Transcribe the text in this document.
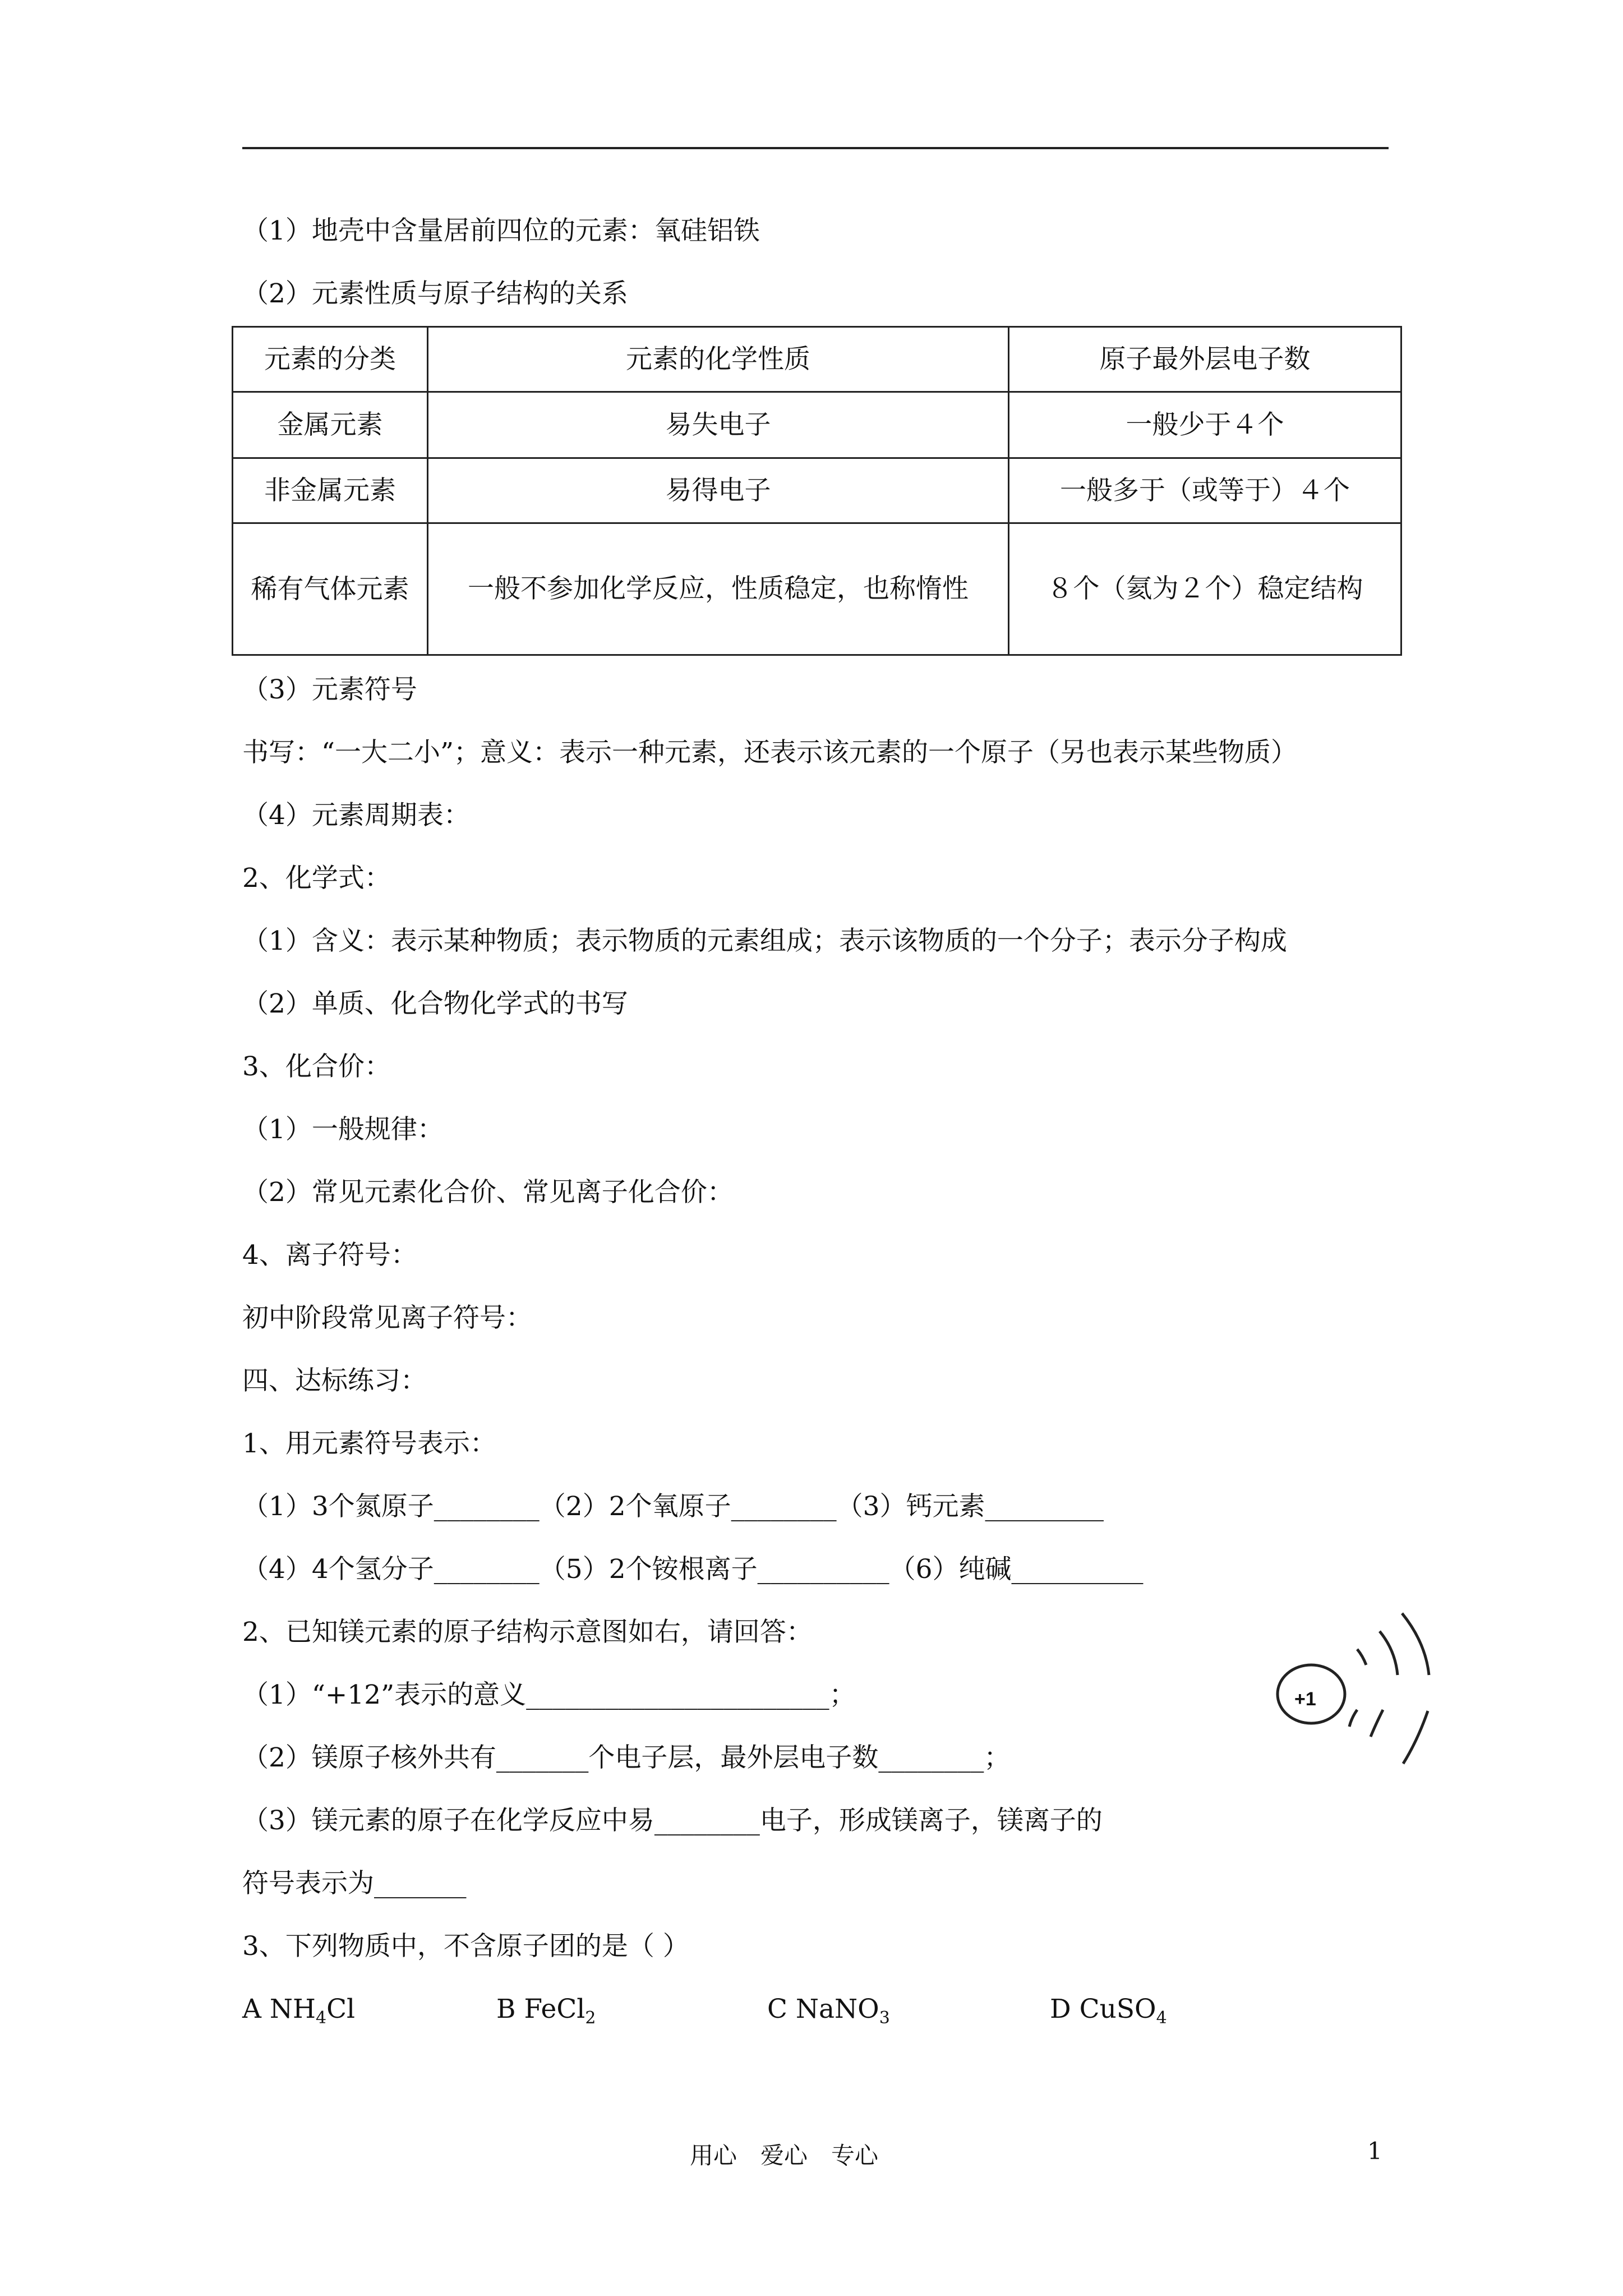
（1）地壳中含量居前四位的元素：氧硅铝铁
（2）元素性质与原子结构的关系
元素的分类	元素的化学性质	原子最外层电子数
金属元素	易失电子	一般少于４个
非金属元素	易得电子	一般多于（或等于）４个
稀有气体元素	一般不参加化学反应，性质稳定，也称惰性	８个（氦为２个）稳定结构
（3）元素符号
书写：“一大二小”；意义：表示一种元素，还表示该元素的一个原子（另也表示某些物质）
（4）元素周期表：
2、化学式：
（1）含义：表示某种物质；表示物质的元素组成；表示该物质的一个分子；表示分子构成
（2）单质、化合物化学式的书写
3、化合价：
（1）一般规律：
（2）常见元素化合价、常见离子化合价：
4、离子符号：
初中阶段常见离子符号：
四、达标练习：
1、用元素符号表示：
（1）3个氮原子________（2）2个氧原子________（3）钙元素_________
（4）4个氢分子________（5）2个铵根离子__________（6）纯碱__________
2、已知镁元素的原子结构示意图如右，请回答：
（1）“+12”表示的意义_______________________；
（2）镁原子核外共有_______个电子层，最外层电子数________；
（3）镁元素的原子在化学反应中易________电子，形成镁离子，镁离子的
符号表示为_______
3、下列物质中，不含原子团的是（ ）
A $NH_4Cl$	B FeCl$_2$	C NaNO$_3$	D CuSO$_4$
+1
用心　爱心　专心	1
